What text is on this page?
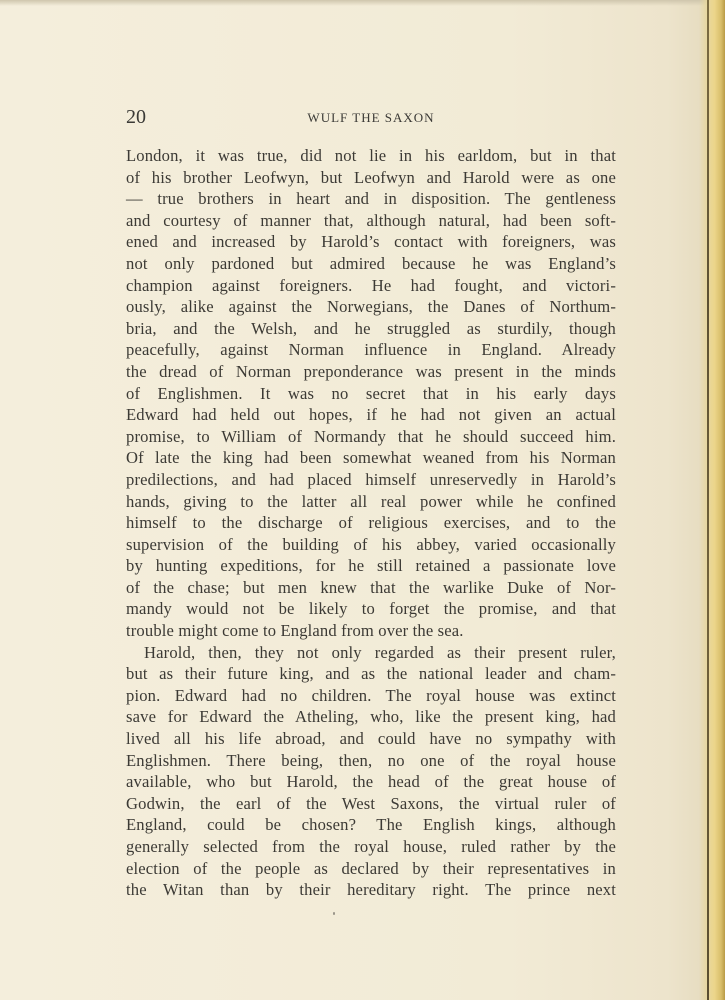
20	WULF THE SAXON
London, it was true, did not lie in his earldom, but in that
of his brother Leofwyn, but Leofwyn and Harold were as one
— true brothers in heart and in disposition. The gentleness
and courtesy of manner that, although natural, had been soft-
ened and increased by Harold’s contact with foreigners, was
not only pardoned but admired because he was England’s
champion against foreigners. He had fought, and victori-
ously, alike against the Norwegians, the Danes of Northum-
bria, and the Welsh, and he struggled as sturdily, though
peacefully, against Norman influence in England. Already
the dread of Norman preponderance was present in the minds
of Englishmen. It was no secret that in his early days
Edward had held out hopes, if he had not given an actual
promise, to William of Normandy that he should succeed him.
Of late the king had been somewhat weaned from his Norman
predilections, and had placed himself unreservedly in Harold’s
hands, giving to the latter all real power while he confined
himself to the discharge of religious exercises, and to the
supervision of the building of his abbey, varied occasionally
by hunting expeditions, for he still retained a passionate love
of the chase; but men knew that the warlike Duke of Nor-
mandy would not be likely to forget the promise, and that
trouble might come to England from over the sea.
Harold, then, they not only regarded as their present ruler,
but as their future king, and as the national leader and cham-
pion. Edward had no children. The royal house was extinct
save for Edward the Atheling, who, like the present king, had
lived all his life abroad, and could have no sympathy with
Englishmen. There being, then, no one of the royal house
available, who but Harold, the head of the great house of
Godwin, the earl of the West Saxons, the virtual ruler of
England, could be chosen? The English kings, although
generally selected from the royal house, ruled rather by the
election of the people as declared by their representatives in
the Witan than by their hereditary right. The prince next
